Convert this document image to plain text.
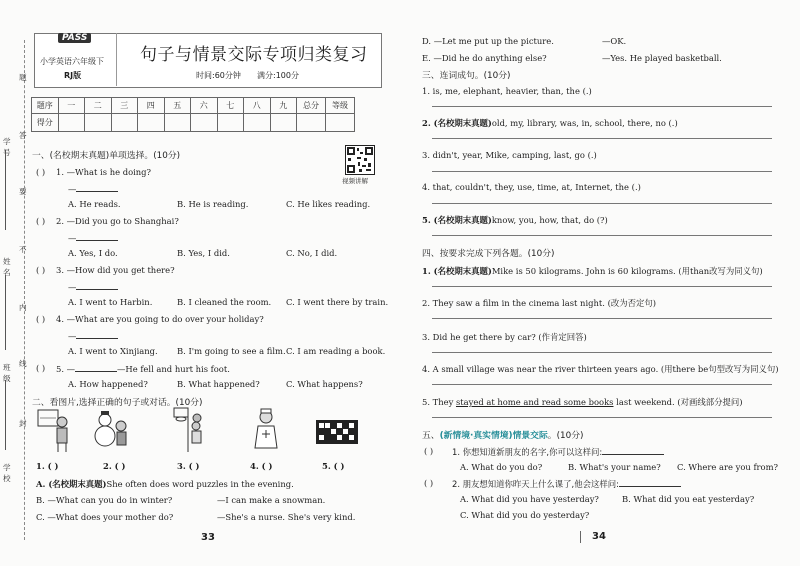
学号
姓名
班级
学校
题
答
要
不
内
线
封
PASS
小学英语六年级下
RJ版
句子与情景交际专项归类复习
时间:60分钟 满分:100分
题序	一	二	三	四	五	六	七	八	九	总分	等级
得分											
一、(名校期末真题)单项选择。(10分)
视频讲解
( ) 1. —What is he doing?
—
A. He reads.	B. He is reading.	C. He likes reading.
( ) 2. —Did you go to Shanghai?
—
A. Yes, I do.	B. Yes, I did.	C. No, I did.
( ) 3. —How did you get there?
—
A. I went to Harbin.	B. I cleaned the room. C. I went there by train.
( ) 4. —What are you going to do over your holiday?
—
A. I went to Xinjiang. B. I'm going to see a film. C. I am reading a book.
( ) 5. —	—He fell and hurt his foot.
A. How happened?	B. What happened?	C. What happens?
二、看图片,选择正确的句子或对话。(10分)
1. ( )	2. ( )	3. ( )	4. ( )	5. ( )
A. (名校期末真题)She often does word puzzles in the evening.
B. —What can you do in winter?	—I can make a snowman.
C. —What does your mother do?	—She's a nurse. She's very kind.
33
D. —Let me put up the picture.	—OK.
E. —Did he do anything else?	—Yes. He played basketball.
三、连词成句。(10分)
1. is, me, elephant, heavier, than, the (.)
2. (名校期末真题)old, my, library, was, in, school, there, no (.)
3. didn't, year, Mike, camping, last, go (.)
4. that, couldn't, they, use, time, at, Internet, the (.)
5. (名校期末真题)know, you, how, that, do (?)
四、按要求完成下列各题。(10分)
1. (名校期末真题)Mike is 50 kilograms. John is 60 kilograms. (用than改写为同义句)
2. They saw a film in the cinema last night. (改为否定句)
3. Did he get there by car? (作肯定回答)
4. A small village was near the river thirteen years ago. (用there be句型改写为同义句)
5. They stayed at home and read some books last weekend. (对画线部分提问)
五、(新情境·真实情境)情景交际。(10分)
( ) 1. 你想知道新朋友的名字,你可以这样问:
A. What do you do?	B. What's your name? C. Where are you from?
( ) 2. 朋友想知道你昨天上什么课了,他会这样问:
A. What did you have yesterday?	B. What did you eat yesterday?
C. What did you do yesterday?
34
